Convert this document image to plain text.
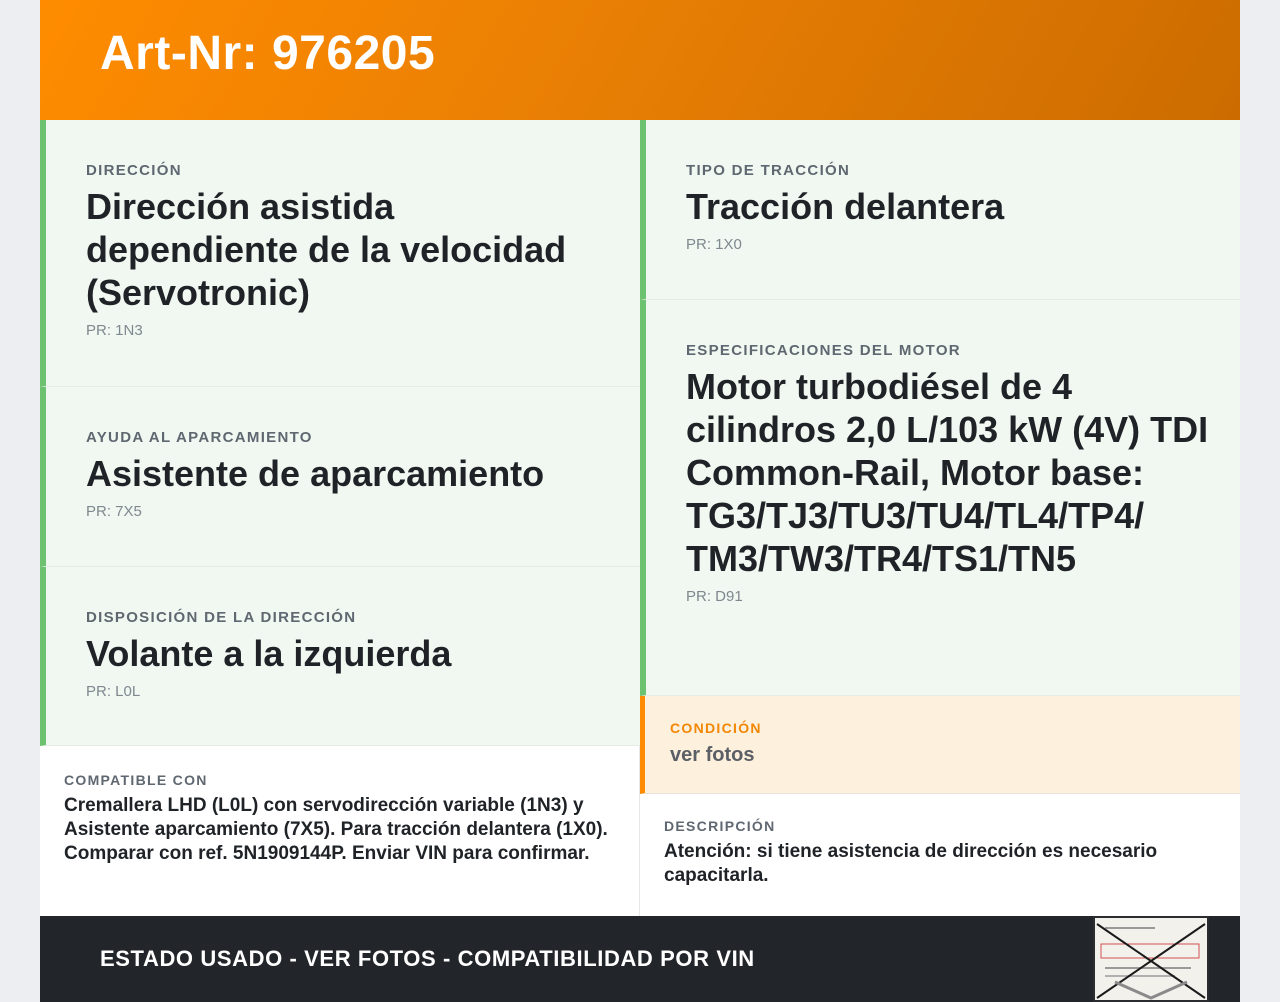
Art-Nr: 976205
DIRECCIÓN
Dirección asistida dependiente de la velocidad (Servotronic)
PR: 1N3
AYUDA AL APARCAMIENTO
Asistente de aparcamiento
PR: 7X5
DISPOSICIÓN DE LA DIRECCIÓN
Volante a la izquierda
PR: L0L
COMPATIBLE CON
Cremallera LHD (L0L) con servodirección variable (1N3) y Asistente aparcamiento (7X5). Para tracción delantera (1X0). Comparar con ref. 5N1909144P. Enviar VIN para confirmar.
TIPO DE TRACCIÓN
Tracción delantera
PR: 1X0
ESPECIFICACIONES DEL MOTOR
Motor turbodiésel de 4 cilindros 2,0 L/103 kW (4V) TDI Common-Rail, Motor base: TG3/TJ3/TU3/TU4/TL4/TP4/ TM3/TW3/TR4/TS1/TN5
PR: D91
CONDICIÓN
ver fotos
DESCRIPCIÓN
Atención: si tiene asistencia de dirección es necesario capacitarla.
ESTADO USADO - VER FOTOS - COMPATIBILIDAD POR VIN
